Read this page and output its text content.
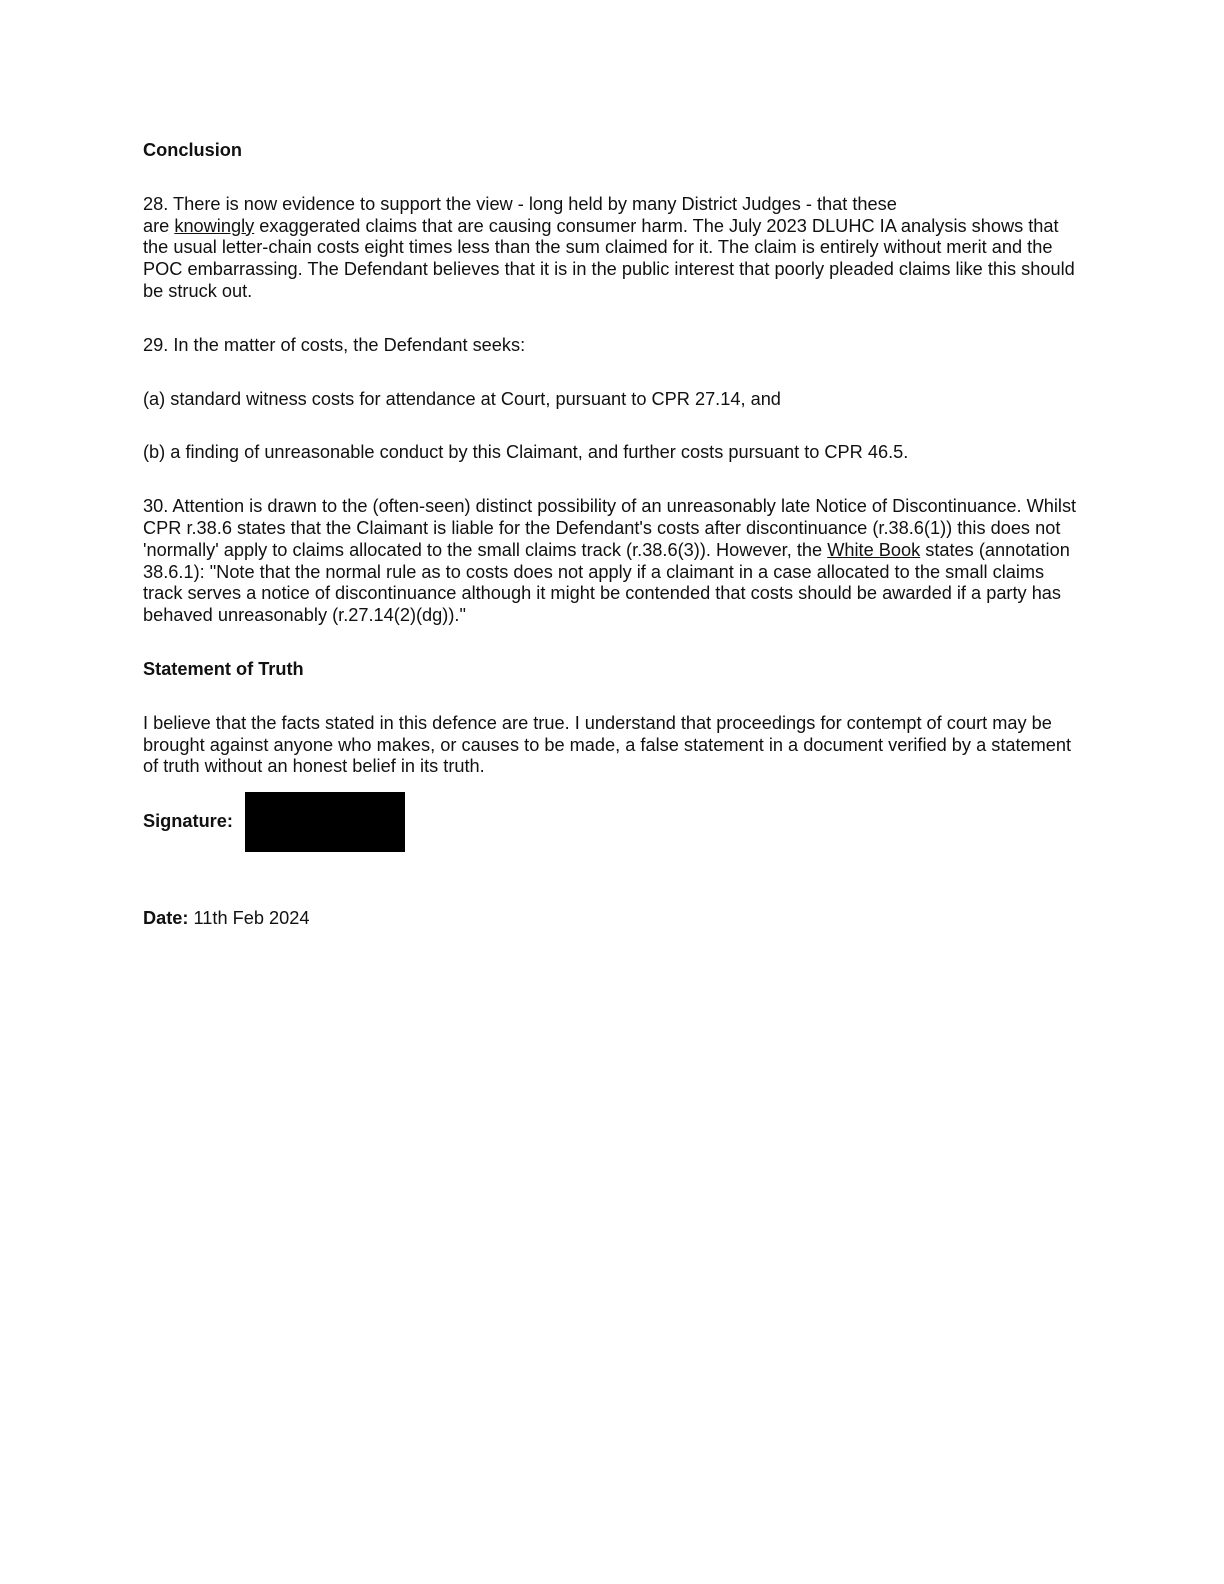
Conclusion

28. There is now evidence to support the view - long held by many District Judges - that these
are knowingly exaggerated claims that are causing consumer harm. The July 2023 DLUHC IA analysis shows that the usual letter-chain costs eight times less than the sum claimed for it. The claim is entirely without merit and the POC embarrassing. The Defendant believes that it is in the public interest that poorly pleaded claims like this should be struck out.

29. In the matter of costs, the Defendant seeks:

(a) standard witness costs for attendance at Court, pursuant to CPR 27.14, and

(b) a finding of unreasonable conduct by this Claimant, and further costs pursuant to CPR 46.5.

30. Attention is drawn to the (often-seen) distinct possibility of an unreasonably late Notice of Discontinuance. Whilst CPR r.38.6 states that the Claimant is liable for the Defendant's costs after discontinuance (r.38.6(1)) this does not 'normally' apply to claims allocated to the small claims track (r.38.6(3)). However, the White Book states (annotation 38.6.1): "Note that the normal rule as to costs does not apply if a claimant in a case allocated to the small claims track serves a notice of discontinuance although it might be contended that costs should be awarded if a party has behaved unreasonably (r.27.14(2)(dg))."

Statement of Truth

I believe that the facts stated in this defence are true. I understand that proceedings for contempt of court may be brought against anyone who makes, or causes to be made, a false statement in a document verified by a statement of truth without an honest belief in its truth.

Signature:
Date: 11th Feb 2024
